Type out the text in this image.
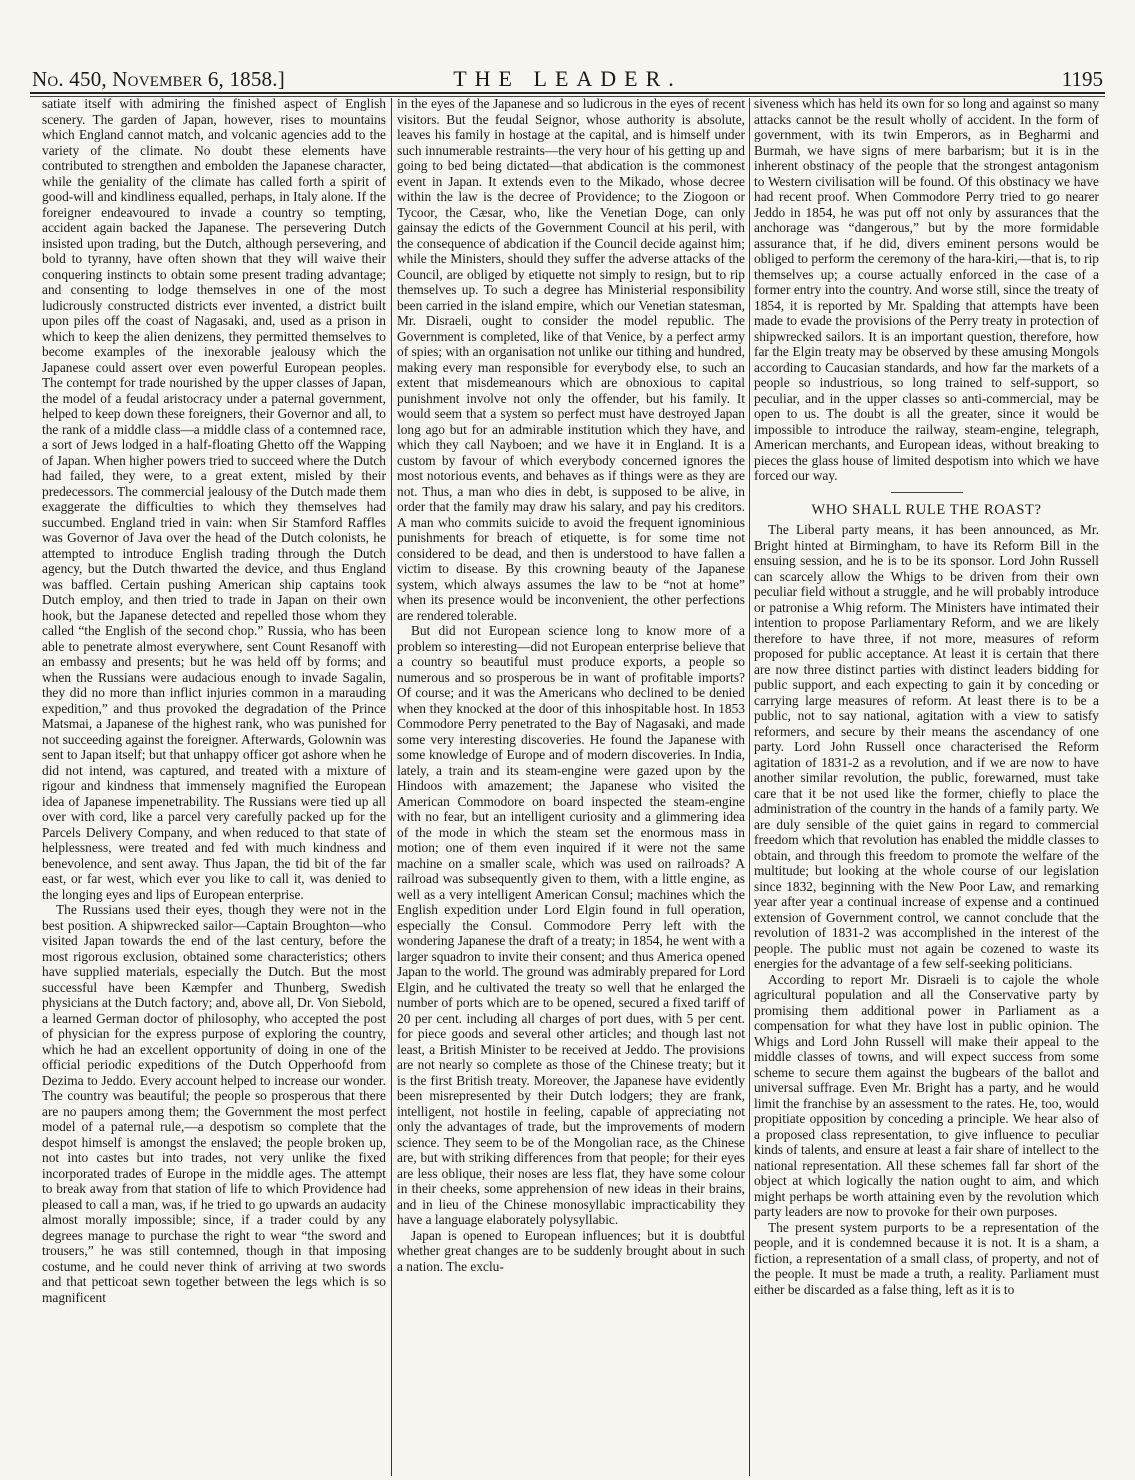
No. 450, November 6, 1858.]	THE LEADER.	1195

satiate itself with admiring the finished aspect of English scenery. The garden of Japan, however, rises to mountains which England cannot match, and volcanic agencies add to the variety of the climate. No doubt these elements have contributed to strengthen and embolden the Japanese character, while the geniality of the climate has called forth a spirit of good-will and kindliness equalled, perhaps, in Italy alone. If the foreigner endeavoured to invade a country so tempting, accident again backed the Japanese. The persevering Dutch insisted upon trading, but the Dutch, although persevering, and bold to tyranny, have often shown that they will waive their conquering instincts to obtain some present trading advantage; and consenting to lodge themselves in one of the most ludicrously constructed districts ever invented, a district built upon piles off the coast of Nagasaki, and, used as a prison in which to keep the alien denizens, they permitted themselves to become examples of the inexorable jealousy which the Japanese could assert over even powerful European peoples. The contempt for trade nourished by the upper classes of Japan, the model of a feudal aristocracy under a paternal government, helped to keep down these foreigners, their Governor and all, to the rank of a middle class—a middle class of a contemned race, a sort of Jews lodged in a half-floating Ghetto off the Wapping of Japan. When higher powers tried to succeed where the Dutch had failed, they were, to a great extent, misled by their predecessors. The commercial jealousy of the Dutch made them exaggerate the difficulties to which they themselves had succumbed. England tried in vain: when Sir Stamford Raffles was Governor of Java over the head of the Dutch colonists, he attempted to introduce English trading through the Dutch agency, but the Dutch thwarted the device, and thus England was baffled. Certain pushing American ship captains took Dutch employ, and then tried to trade in Japan on their own hook, but the Japanese detected and repelled those whom they called “the English of the second chop.” Russia, who has been able to penetrate almost everywhere, sent Count Resanoff with an embassy and presents; but he was held off by forms; and when the Russians were audacious enough to invade Sagalin, they did no more than inflict injuries common in a marauding expedition,” and thus provoked the degradation of the Prince Matsmai, a Japanese of the highest rank, who was punished for not succeeding against the foreigner. Afterwards, Golownin was sent to Japan itself; but that unhappy officer got ashore when he did not intend, was captured, and treated with a mixture of rigour and kindness that immensely magnified the European idea of Japanese impenetrability. The Russians were tied up all over with cord, like a parcel very carefully packed up for the Parcels Delivery Company, and when reduced to that state of helplessness, were treated and fed with much kindness and benevolence, and sent away. Thus Japan, the tid bit of the far east, or far west, which ever you like to call it, was denied to the longing eyes and lips of European enterprise.

The Russians used their eyes, though they were not in the best position. A shipwrecked sailor—Captain Broughton—who visited Japan towards the end of the last century, before the most rigorous exclusion, obtained some characteristics; others have supplied materials, especially the Dutch. But the most successful have been Kæmpfer and Thunberg, Swedish physicians at the Dutch factory; and, above all, Dr. Von Siebold, a learned German doctor of philosophy, who accepted the post of physician for the express purpose of exploring the country, which he had an excellent opportunity of doing in one of the official periodic expeditions of the Dutch Opperhoofd from Dezima to Jeddo. Every account helped to increase our wonder. The country was beautiful; the people so prosperous that there are no paupers among them; the Government the most perfect model of a paternal rule,—a despotism so complete that the despot himself is amongst the enslaved; the people broken up, not into castes but into trades, not very unlike the fixed incorporated trades of Europe in the middle ages. The attempt to break away from that station of life to which Providence had pleased to call a man, was, if he tried to go upwards an audacity almost morally impossible; since, if a trader could by any degrees manage to purchase the right to wear “the sword and trousers,” he was still contemned, though in that imposing costume, and he could never think of arriving at two swords and that petticoat sewn together between the legs which is so magnificent

in the eyes of the Japanese and so ludicrous in the eyes of recent visitors. But the feudal Seignor, whose authority is absolute, leaves his family in hostage at the capital, and is himself under such innumerable restraints—the very hour of his getting up and going to bed being dictated—that abdication is the commonest event in Japan. It extends even to the Mikado, whose decree within the law is the decree of Providence; to the Ziogoon or Tycoor, the Cæsar, who, like the Venetian Doge, can only gainsay the edicts of the Government Council at his peril, with the consequence of abdication if the Council decide against him; while the Ministers, should they suffer the adverse attacks of the Council, are obliged by etiquette not simply to resign, but to rip themselves up. To such a degree has Ministerial responsibility been carried in the island empire, which our Venetian statesman, Mr. Disraeli, ought to consider the model republic. The Government is completed, like of that Venice, by a perfect army of spies; with an organisation not unlike our tithing and hundred, making every man responsible for everybody else, to such an extent that misdemeanours which are obnoxious to capital punishment involve not only the offender, but his family. It would seem that a system so perfect must have destroyed Japan long ago but for an admirable institution which they have, and which they call Nayboen; and we have it in England. It is a custom by favour of which everybody concerned ignores the most notorious events, and behaves as if things were as they are not. Thus, a man who dies in debt, is supposed to be alive, in order that the family may draw his salary, and pay his creditors. A man who commits suicide to avoid the frequent ignominious punishments for breach of etiquette, is for some time not considered to be dead, and then is understood to have fallen a victim to disease. By this crowning beauty of the Japanese system, which always assumes the law to be “not at home” when its presence would be inconvenient, the other perfections are rendered tolerable.

But did not European science long to know more of a problem so interesting—did not European enterprise believe that a country so beautiful must produce exports, a people so numerous and so prosperous be in want of profitable imports? Of course; and it was the Americans who declined to be denied when they knocked at the door of this inhospitable host. In 1853 Commodore Perry penetrated to the Bay of Nagasaki, and made some very interesting discoveries. He found the Japanese with some knowledge of Europe and of modern discoveries. In India, lately, a train and its steam-engine were gazed upon by the Hindoos with amazement; the Japanese who visited the American Commodore on board inspected the steam-engine with no fear, but an intelligent curiosity and a glimmering idea of the mode in which the steam set the enormous mass in motion; one of them even inquired if it were not the same machine on a smaller scale, which was used on railroads? A railroad was subsequently given to them, with a little engine, as well as a very intelligent American Consul; machines which the English expedition under Lord Elgin found in full operation, especially the Consul. Commodore Perry left with the wondering Japanese the draft of a treaty; in 1854, he went with a larger squadron to invite their consent; and thus America opened Japan to the world. The ground was admirably prepared for Lord Elgin, and he cultivated the treaty so well that he enlarged the number of ports which are to be opened, secured a fixed tariff of 20 per cent. including all charges of port dues, with 5 per cent. for piece goods and several other articles; and though last not least, a British Minister to be received at Jeddo. The provisions are not nearly so complete as those of the Chinese treaty; but it is the first British treaty. Moreover, the Japanese have evidently been misrepresented by their Dutch lodgers; they are frank, intelligent, not hostile in feeling, capable of appreciating not only the advantages of trade, but the improvements of modern science. They seem to be of the Mongolian race, as the Chinese are, but with striking differences from that people; for their eyes are less oblique, their noses are less flat, they have some colour in their cheeks, some apprehension of new ideas in their brains, and in lieu of the Chinese monosyllabic impracticability they have a language elaborately polysyllabic.

Japan is opened to European influences; but it is doubtful whether great changes are to be suddenly brought about in such a nation. The exclu-

siveness which has held its own for so long and against so many attacks cannot be the result wholly of accident. In the form of government, with its twin Emperors, as in Begharmi and Burmah, we have signs of mere barbarism; but it is in the inherent obstinacy of the people that the strongest antagonism to Western civilisation will be found. Of this obstinacy we have had recent proof. When Commodore Perry tried to go nearer Jeddo in 1854, he was put off not only by assurances that the anchorage was “dangerous,” but by the more formidable assurance that, if he did, divers eminent persons would be obliged to perform the ceremony of the hara-kiri,—that is, to rip themselves up; a course actually enforced in the case of a former entry into the country. And worse still, since the treaty of 1854, it is reported by Mr. Spalding that attempts have been made to evade the provisions of the Perry treaty in protection of shipwrecked sailors. It is an important question, therefore, how far the Elgin treaty may be observed by these amusing Mongols according to Caucasian standards, and how far the markets of a people so industrious, so long trained to self-support, so peculiar, and in the upper classes so anti-commercial, may be open to us. The doubt is all the greater, since it would be impossible to introduce the railway, steam-engine, telegraph, American merchants, and European ideas, without breaking to pieces the glass house of limited despotism into which we have forced our way.

WHO SHALL RULE THE ROAST?

The Liberal party means, it has been announced, as Mr. Bright hinted at Birmingham, to have its Reform Bill in the ensuing session, and he is to be its sponsor. Lord John Russell can scarcely allow the Whigs to be driven from their own peculiar field without a struggle, and he will probably introduce or patronise a Whig reform. The Ministers have intimated their intention to propose Parliamentary Reform, and we are likely therefore to have three, if not more, measures of reform proposed for public acceptance. At least it is certain that there are now three distinct parties with distinct leaders bidding for public support, and each expecting to gain it by conceding or carrying large measures of reform. At least there is to be a public, not to say national, agitation with a view to satisfy reformers, and secure by their means the ascendancy of one party. Lord John Russell once characterised the Reform agitation of 1831-2 as a revolution, and if we are now to have another similar revolution, the public, forewarned, must take care that it be not used like the former, chiefly to place the administration of the country in the hands of a family party. We are duly sensible of the quiet gains in regard to commercial freedom which that revolution has enabled the middle classes to obtain, and through this freedom to promote the welfare of the multitude; but looking at the whole course of our legislation since 1832, beginning with the New Poor Law, and remarking year after year a continual increase of expense and a continued extension of Government control, we cannot conclude that the revolution of 1831-2 was accomplished in the interest of the people. The public must not again be cozened to waste its energies for the advantage of a few self-seeking politicians.

According to report Mr. Disraeli is to cajole the whole agricultural population and all the Conservative party by promising them additional power in Parliament as a compensation for what they have lost in public opinion. The Whigs and Lord John Russell will make their appeal to the middle classes of towns, and will expect success from some scheme to secure them against the bugbears of the ballot and universal suffrage. Even Mr. Bright has a party, and he would limit the franchise by an assessment to the rates. He, too, would propitiate opposition by conceding a principle. We hear also of a proposed class representation, to give influence to peculiar kinds of talents, and ensure at least a fair share of intellect to the national representation. All these schemes fall far short of the object at which logically the nation ought to aim, and which might perhaps be worth attaining even by the revolution which party leaders are now to provoke for their own purposes.

The present system purports to be a representation of the people, and it is condemned because it is not. It is a sham, a fiction, a representation of a small class, of property, and not of the people. It must be made a truth, a reality. Parliament must either be discarded as a false thing, left as it is to
